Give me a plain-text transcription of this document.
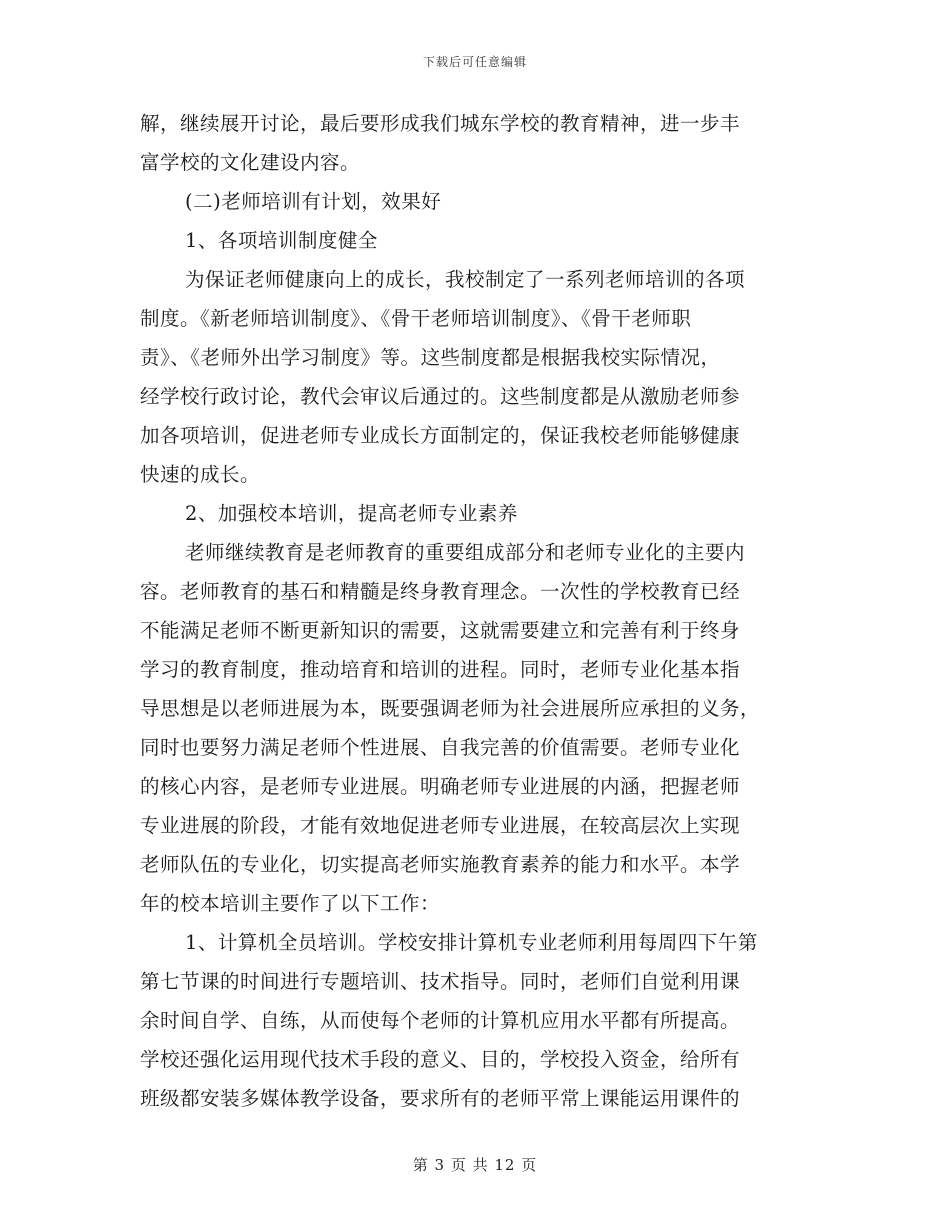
下载后可任意编辑
解，继续展开讨论，最后要形成我们城东学校的教育精神，进一步丰
富学校的文化建设内容。
(二)老师培训有计划，效果好
1、各项培训制度健全
为保证老师健康向上的成长，我校制定了一系列老师培训的各项
制度。《新老师培训制度》、《骨干老师培训制度》、《骨干老师职
责》、《老师外出学习制度》等。这些制度都是根据我校实际情况，
经学校行政讨论，教代会审议后通过的。这些制度都是从激励老师参
加各项培训，促进老师专业成长方面制定的，保证我校老师能够健康
快速的成长。
2、加强校本培训，提高老师专业素养
老师继续教育是老师教育的重要组成部分和老师专业化的主要内
容。老师教育的基石和精髓是终身教育理念。一次性的学校教育已经
不能满足老师不断更新知识的需要，这就需要建立和完善有利于终身
学习的教育制度，推动培育和培训的进程。同时，老师专业化基本指
导思想是以老师进展为本，既要强调老师为社会进展所应承担的义务，
同时也要努力满足老师个性进展、自我完善的价值需要。老师专业化
的核心内容，是老师专业进展。明确老师专业进展的内涵，把握老师
专业进展的阶段，才能有效地促进老师专业进展，在较高层次上实现
老师队伍的专业化，切实提高老师实施教育素养的能力和水平。本学
年的校本培训主要作了以下工作：
1、计算机全员培训。学校安排计算机专业老师利用每周四下午第
第七节课的时间进行专题培训、技术指导。同时，老师们自觉利用课
余时间自学、自练，从而使每个老师的计算机应用水平都有所提高。
学校还强化运用现代技术手段的意义、目的，学校投入资金，给所有
班级都安装多媒体教学设备，要求所有的老师平常上课能运用课件的
第 3 页 共 12 页
